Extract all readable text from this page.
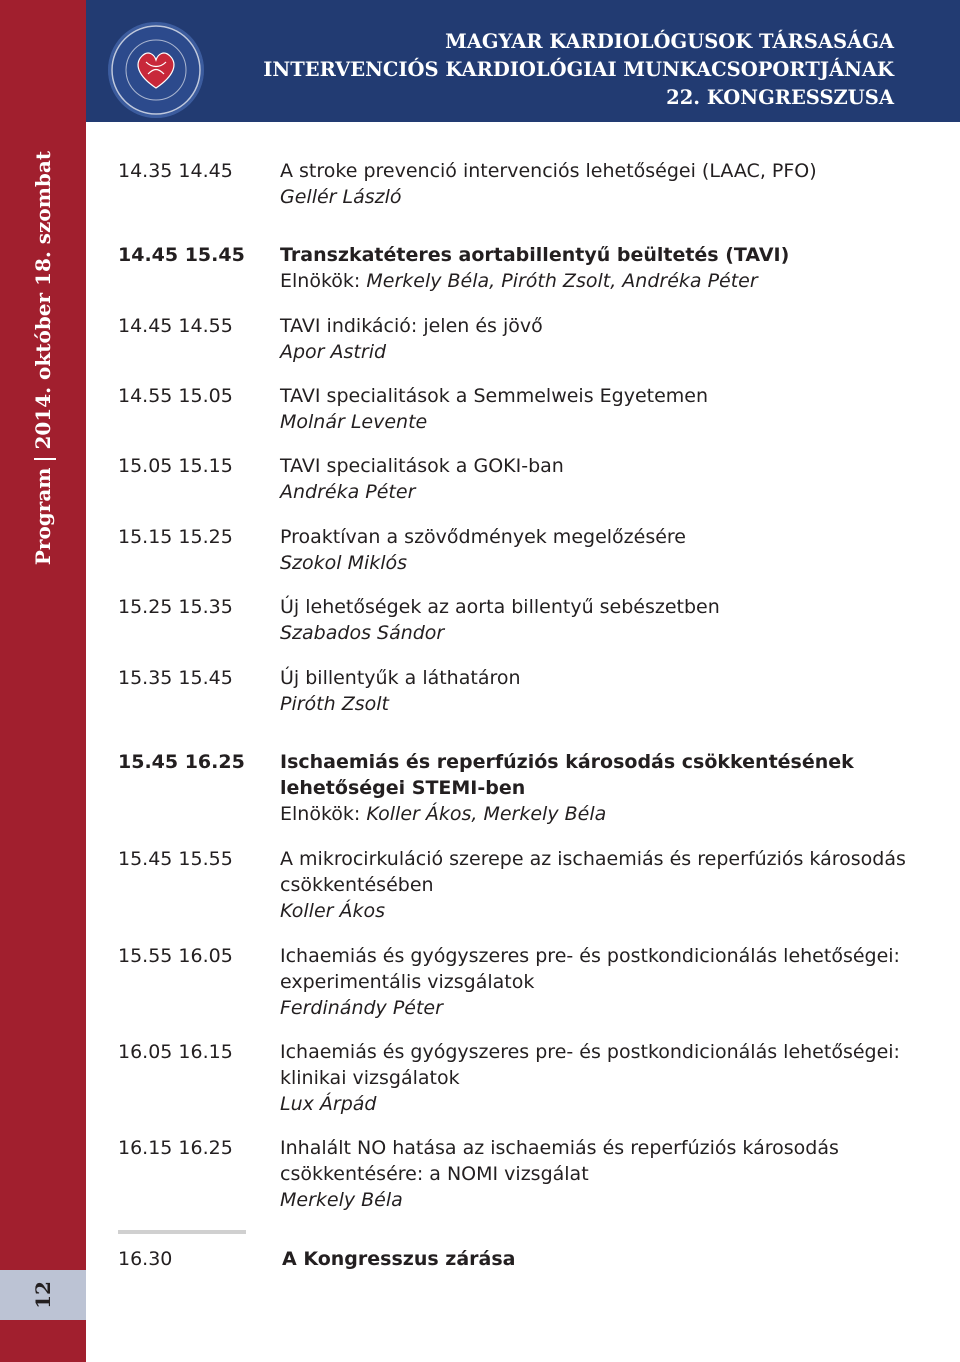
Program2014. október 18. szombat
12
MAGYAR KARDIOLÓGUSOK TÁRSASÁGA
INTERVENCIÓS KARDIOLÓGIAI MUNKACSOPORTJÁNAK
22. KONGRESSZUSA
14.35 14.45	A stroke prevenció intervenciós lehetőségei (LAAC, PFO)
Gellér László
14.45 15.45	Transzkatéteres aortabillentyű beültetés (TAVI)
Elnökök: Merkely Béla, Piróth Zsolt, Andréka Péter
14.45 14.55	TAVI indikáció: jelen és jövő
Apor Astrid
14.55 15.05	TAVI specialitások a Semmelweis Egyetemen
Molnár Levente
15.05 15.15	TAVI specialitások a GOKI-ban
Andréka Péter
15.15 15.25	Proaktívan a szövődmények megelőzésére
Szokol Miklós
15.25 15.35	Új lehetőségek az aorta billentyű sebészetben
Szabados Sándor
15.35 15.45	Új billentyűk a láthatáron
Piróth Zsolt
15.45 16.25	Ischaemiás és reperfúziós károsodás csökkentésének lehetőségei STEMI-ben
Elnökök: Koller Ákos, Merkely Béla
15.45 15.55	A mikrocirkuláció szerepe az ischaemiás és reperfúziós károsodás csökkentésében
Koller Ákos
15.55 16.05	Ichaemiás és gyógyszeres pre- és postkondicionálás lehetőségei: experimentális vizsgálatok
Ferdinándy Péter
16.05 16.15	Ichaemiás és gyógyszeres pre- és postkondicionálás lehetőségei: klinikai vizsgálatok
Lux Árpád
16.15 16.25	Inhalált NO hatása az ischaemiás és reperfúziós károsodás csökkentésére: a NOMI vizsgálat
Merkely Béla
16.30	A Kongresszus zárása
